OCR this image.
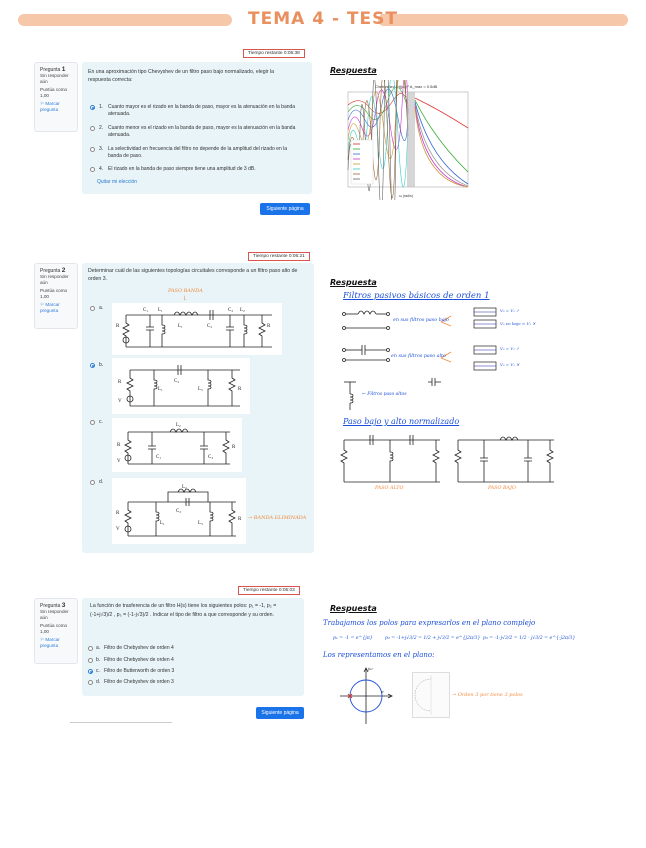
TEMA 4 - TEST
Pregunta 1
Sin responder aún
Puntúa como 1,00
⚐ Marcar pregunta
Tiempo restante 0:05:38
En una aproximación tipo Chevyshev de un filtro paso bajo normalizado, elegir la respuesta correcta:
1. Cuanto mayor es el rizado en la banda de paso, mayor es la atenuación en la banda atenuada.
2. Cuanto menor es el rizado en la banda de paso, mayor es la atenuación en la banda atenuada.
3. La selectividad en frecuencia del filtro no depende de la amplitud del rizado en la banda de paso.
4. El rizado en la banda de paso siempre tiene una amplitud de 3 dB.
Quitar mi elección
Siguiente página
Respuesta
Chebyshev |H(jω)|² A_max = 0.5dB
ω (rad/s)
Pregunta 2
Sin responder aún
Puntúa como 1,00
⚐ Marcar pregunta
Tiempo restante 0:05:21
Determinar cuál de las siguientes topologías circuitales corresponde a un filtro paso alto de orden 3.
a.
b.
c.
d.
PASO BANDA
↓
R
C₁ L₁
L₁	C₂
C₂ L₂
R
R
V
L₁
C₂
L₃	R
R
V
C₁
L₂
C₃
R
R
V
L₁
L₂
C₂
L₃
R → BANDA ELIMINADA
Respuesta
Filtros pasivos básicos de orden 1
en sus filtros paso bajo
en sus filtros paso alto
V₀ = V₁ ↗
V₀ en bajo ≈ V₁ ✕
V₀ = V₁ ↗
V₀ = V₁ ✕
← Filtros paso altos
Paso bajo y alto normalizado
PASO ALTO	PASO BAJO
Pregunta 3
Sin responder aún
Puntúa como 1,00
⚐ Marcar pregunta
Tiempo restante 0:05:03
La función de trasferencia de un filtro H(s) tiene los siguientes polos: p₁ = -1, p₂ =
(-1+j√3)/2 , p₃ = (-1-j√3)/2 . Indicar el tipo de filtro a que corresponde y su orden.
a. Filtro de Chebyshev de orden 4
b. Filtro de Chebyshev de orden 4
c. Filtro de Butterworth de orden 3
d. Filtro de Chebyshev de orden 3
Siguiente página
Respuesta
Trabajamos los polos para expresarlos en el plano complejo
p₁ = -1 = e^{jπ}	p₂ = -1+j√3/2 = 1/2 + j√3/2 = e^{j2π/3} p₃ = -1-j√3/2 = 1/2 - j√3/2 = e^{-j2π/3}
Los representamos en el plano:
jω
σ
→ Orden 3 por tiene 3 polos
